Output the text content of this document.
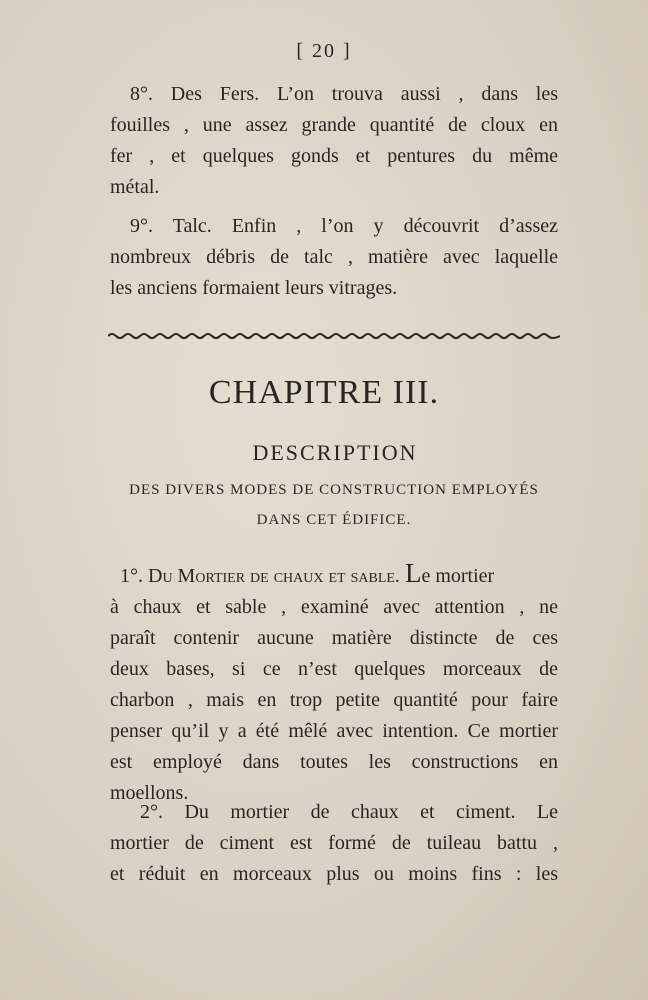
[ 20 ]
8°. Des Fers. L’on trouva aussi , dans les
fouilles , une assez grande quantité de cloux en
fer , et quelques gonds et pentures du même
métal.
9°. Talc. Enfin , l’on y découvrit d’assez
nombreux débris de talc , matière avec laquelle
les anciens formaient leurs vitrages.
CHAPITRE III.
DESCRIPTION
DES DIVERS MODES DE CONSTRUCTION EMPLOYÉS
DANS CET ÉDIFICE.
1°. Du Mortier de chaux et sable. Le mortier
à chaux et sable , examiné avec attention , ne
paraît contenir aucune matière distincte de ces
deux bases, si ce n’est quelques morceaux de
charbon , mais en trop petite quantité pour faire
penser qu’il y a été mêlé avec intention. Ce mortier
est employé dans toutes les constructions en
moellons.
2°. Du mortier de chaux et ciment. Le
mortier de ciment est formé de tuileau battu ,
et réduit en morceaux plus ou moins fins : les
